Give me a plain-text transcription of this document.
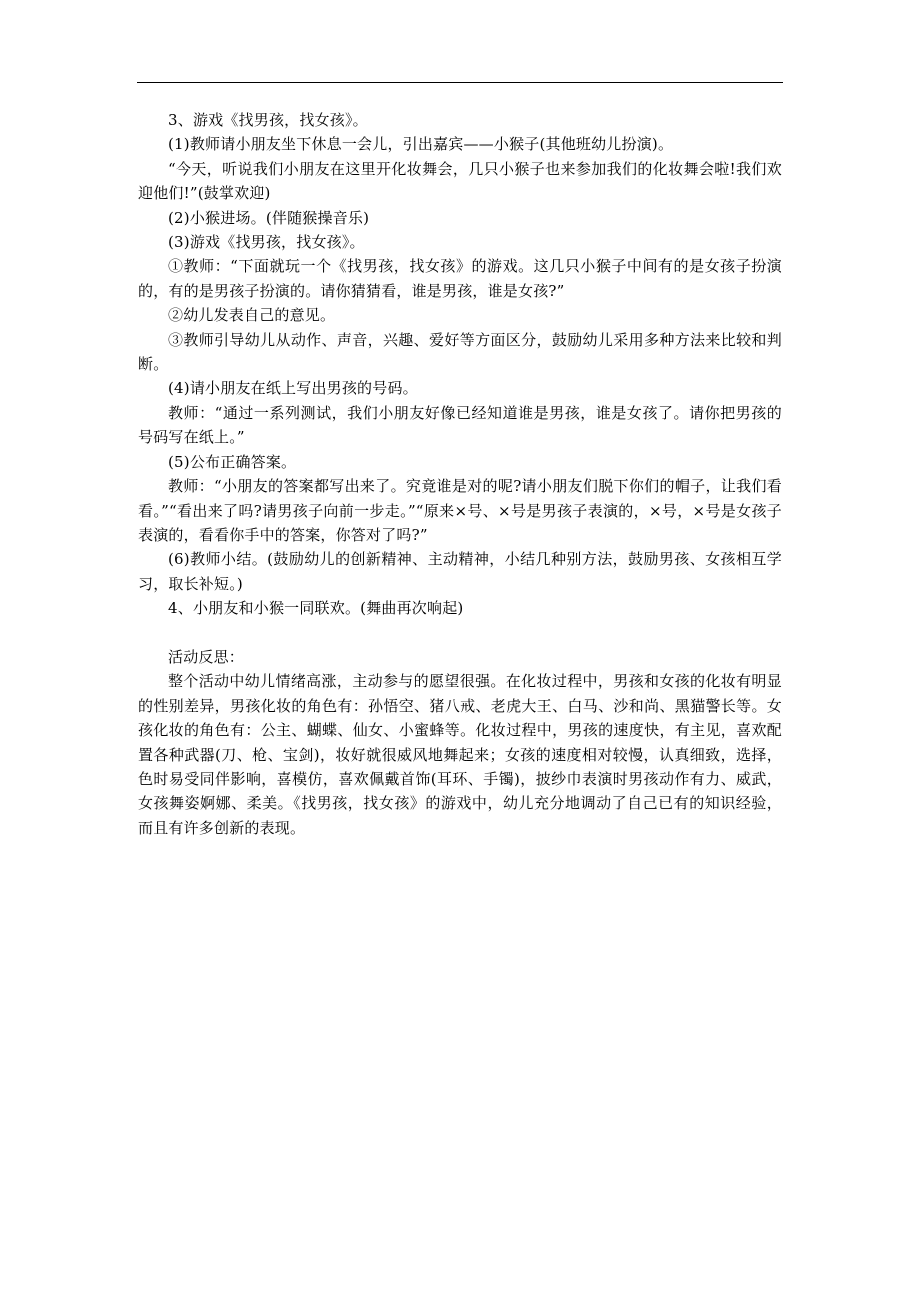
3、游戏《找男孩，找女孩》。

(1)教师请小朋友坐下休息一会儿，引出嘉宾——小猴子(其他班幼儿扮演)。

“今天，听说我们小朋友在这里开化妆舞会，几只小猴子也来参加我们的化妆舞会啦!我们欢迎他们!”(鼓掌欢迎)

(2)小猴进场。(伴随猴操音乐)

(3)游戏《找男孩，找女孩》。

①教师：“下面就玩一个《找男孩，找女孩》的游戏。这几只小猴子中间有的是女孩子扮演的，有的是男孩子扮演的。请你猜猜看，谁是男孩，谁是女孩?”

②幼儿发表自己的意见。

③教师引导幼儿从动作、声音，兴趣、爱好等方面区分，鼓励幼儿采用多种方法来比较和判断。

(4)请小朋友在纸上写出男孩的号码。

教师：“通过一系列测试，我们小朋友好像已经知道谁是男孩，谁是女孩了。请你把男孩的号码写在纸上。”

(5)公布正确答案。

教师：“小朋友的答案都写出来了。究竟谁是对的呢?请小朋友们脱下你们的帽子，让我们看看。”“看出来了吗?请男孩子向前一步走。”“原来×号、×号是男孩子表演的，×号，×号是女孩子表演的，看看你手中的答案，你答对了吗?”

(6)教师小结。(鼓励幼儿的创新精神、主动精神，小结几种别方法，鼓励男孩、女孩相互学习，取长补短。)

4、小朋友和小猴一同联欢。(舞曲再次响起)

活动反思：

整个活动中幼儿情绪高涨，主动参与的愿望很强。在化妆过程中，男孩和女孩的化妆有明显的性别差异，男孩化妆的角色有：孙悟空、猪八戒、老虎大王、白马、沙和尚、黑猫警长等。女孩化妆的角色有：公主、蝴蝶、仙女、小蜜蜂等。化妆过程中，男孩的速度快，有主见，喜欢配置各种武器(刀、枪、宝剑)，妆好就很威风地舞起来；女孩的速度相对较慢，认真细致，选择，色时易受同伴影响，喜模仿，喜欢佩戴首饰(耳环、手镯)，披纱巾表演时男孩动作有力、威武，女孩舞姿婀娜、柔美。《找男孩，找女孩》的游戏中，幼儿充分地调动了自己已有的知识经验，而且有许多创新的表现。
